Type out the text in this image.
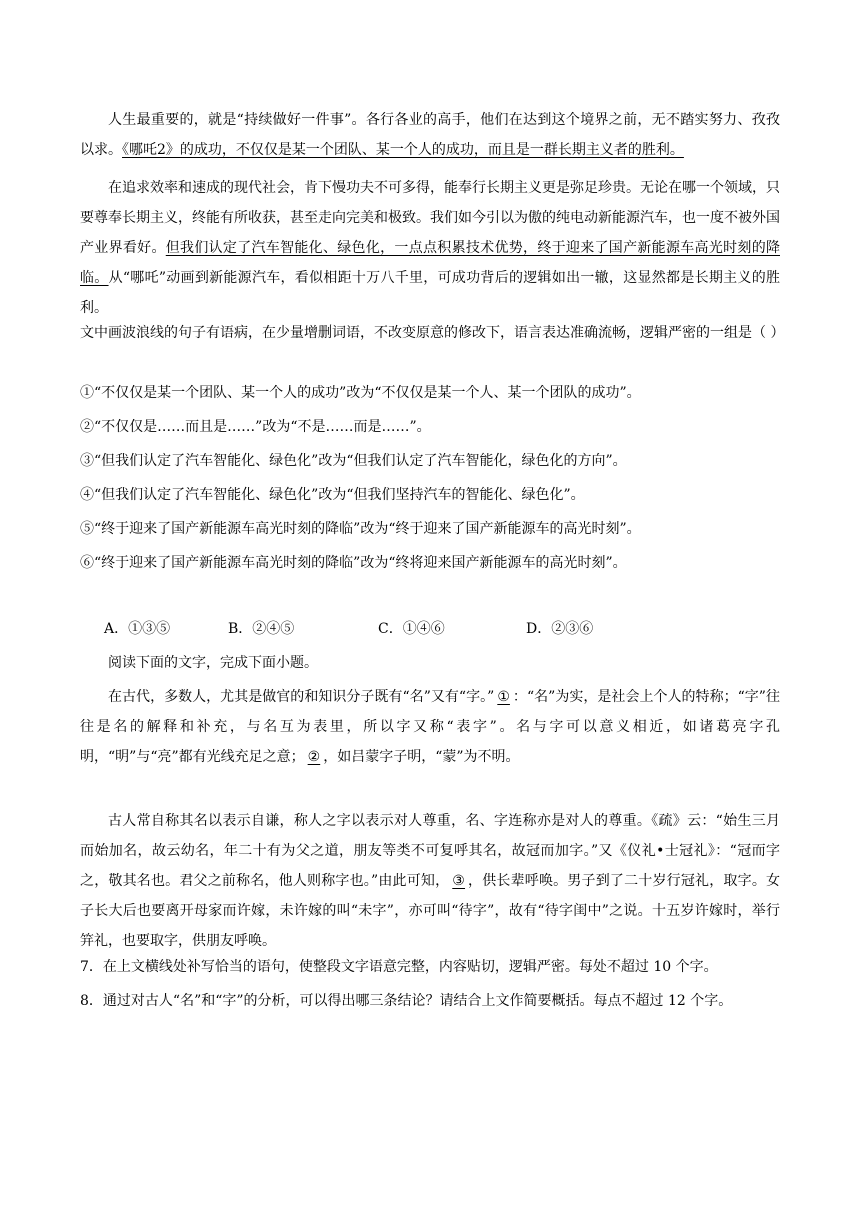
人生最重要的，就是“持续做好一件事”。各行各业的高手，他们在达到这个境界之前，无不踏实努力、孜孜以求。《哪吒2》的成功，不仅仅是某一个团队、某一个人的成功，而且是一群长期主义者的胜利。

在追求效率和速成的现代社会，肯下慢功夫不可多得，能奉行长期主义更是弥足珍贵。无论在哪一个领域，只要尊奉长期主义，终能有所收获，甚至走向完美和极致。我们如今引以为傲的纯电动新能源汽车，也一度不被外国产业界看好。但我们认定了汽车智能化、绿色化，一点点积累技术优势，终于迎来了国产新能源车高光时刻的降临。从“哪吒”动画到新能源汽车，看似相距十万八千里，可成功背后的逻辑如出一辙，这显然都是长期主义的胜利。

文中画波浪线的句子有语病，在少量增删词语，不改变原意的修改下，语言表达准确流畅，逻辑严密的一组是（ ）

①“不仅仅是某一个团队、某一个人的成功”改为“不仅仅是某一个人、某一个团队的成功”。

②“不仅仅是……而且是……”改为“不是……而是……”。

③“但我们认定了汽车智能化、绿色化”改为“但我们认定了汽车智能化，绿色化的方向”。

④“但我们认定了汽车智能化、绿色化”改为“但我们坚持汽车的智能化、绿色化”。

⑤“终于迎来了国产新能源车高光时刻的降临”改为“终于迎来了国产新能源车的高光时刻”。

⑥“终于迎来了国产新能源车高光时刻的降临”改为“终将迎来国产新能源车的高光时刻”。

A．①③⑤	B．②④⑤	C．①④⑥	D．②③⑥

阅读下面的文字，完成下面小题。

在古代，多数人，尤其是做官的和知识分子既有“名”又有“字。” ① ：“名”为实，是社会上个人的特称；“字”往往是名的解释和补充，与名互为表里，所以字又称“表字”。名与字可以意义相近，如诸葛亮字孔明，“明”与“亮”都有光线充足之意； ② ，如吕蒙字子明，“蒙”为不明。

古人常自称其名以表示自谦，称人之字以表示对人尊重，名、字连称亦是对人的尊重。《疏》云：“始生三月而始加名，故云幼名，年二十有为父之道，朋友等类不可复呼其名，故冠而加字。”又《仪礼•士冠礼》：“冠而字之，敬其名也。君父之前称名，他人则称字也。”由此可知， ③ ，供长辈呼唤。男子到了二十岁行冠礼，取字。女子长大后也要离开母家而许嫁，未许嫁的叫“未字”，亦可叫“待字”，故有“待字闺中”之说。十五岁许嫁时，举行笄礼，也要取字，供朋友呼唤。

7．在上文横线处补写恰当的语句，使整段文字语意完整，内容贴切，逻辑严密。每处不超过 10 个字。

8．通过对古人“名”和“字”的分析，可以得出哪三条结论？请结合上文作简要概括。每点不超过 12 个字。
